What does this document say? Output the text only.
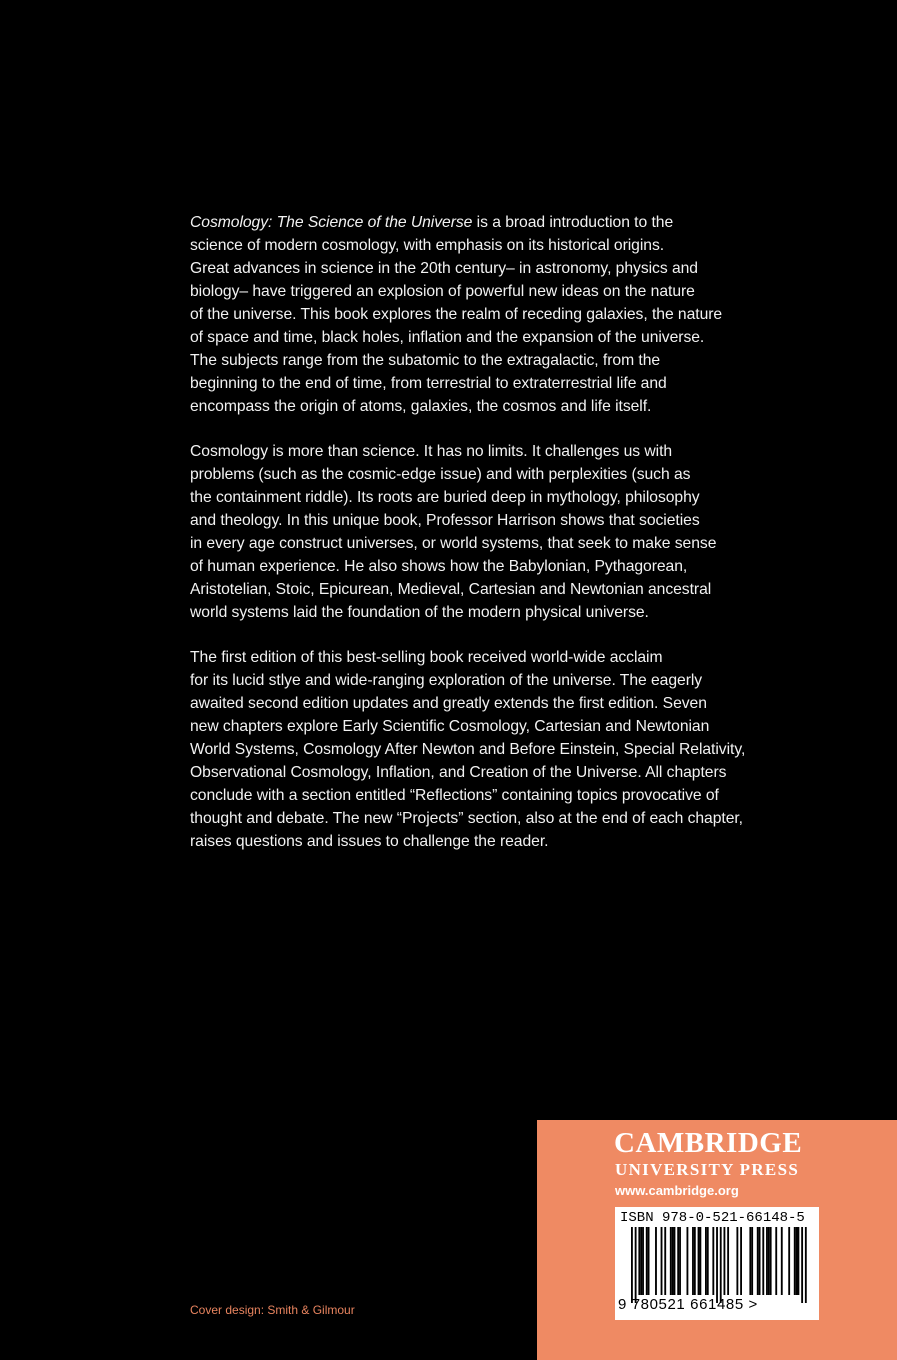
Cosmology: The Science of the Universe is a broad introduction to the
science of modern cosmology, with emphasis on its historical origins.
Great advances in science in the 20th century– in astronomy, physics and
biology– have triggered an explosion of powerful new ideas on the nature
of the universe. This book explores the realm of receding galaxies, the nature
of space and time, black holes, inflation and the expansion of the universe.
The subjects range from the subatomic to the extragalactic, from the
beginning to the end of time, from terrestrial to extraterrestrial life and
encompass the origin of atoms, galaxies, the cosmos and life itself.

Cosmology is more than science. It has no limits. It challenges us with
problems (such as the cosmic-edge issue) and with perplexities (such as
the containment riddle). Its roots are buried deep in mythology, philosophy
and theology. In this unique book, Professor Harrison shows that societies
in every age construct universes, or world systems, that seek to make sense
of human experience. He also shows how the Babylonian, Pythagorean,
Aristotelian, Stoic, Epicurean, Medieval, Cartesian and Newtonian ancestral
world systems laid the foundation of the modern physical universe.

The first edition of this best-selling book received world-wide acclaim
for its lucid stlye and wide-ranging exploration of the universe. The eagerly
awaited second edition updates and greatly extends the first edition. Seven
new chapters explore Early Scientific Cosmology, Cartesian and Newtonian
World Systems, Cosmology After Newton and Before Einstein, Special Relativity,
Observational Cosmology, Inflation, and Creation of the Universe. All chapters
conclude with a section entitled “Reflections” containing topics provocative of
thought and debate. The new “Projects” section, also at the end of each chapter,
raises questions and issues to challenge the reader.

Cover design: Smith & Gilmour
CAMBRIDGE
UNIVERSITY PRESS
www.cambridge.org
ISBN 978-0-521-66148-5
9 780521 661485 >
